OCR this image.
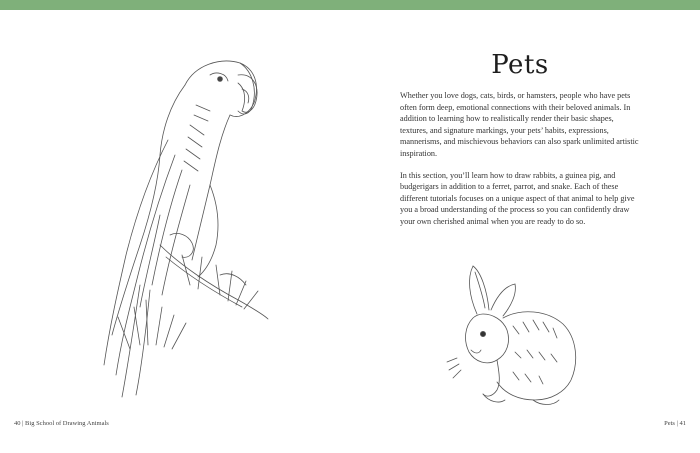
Pets

Whether you love dogs, cats, birds, or hamsters, people who have pets often form deep, emotional connections with their beloved animals. In addition to learning how to realistically render their basic shapes, textures, and signature markings, your pets’ habits, expressions, mannerisms, and mischievous behaviors can also spark unlimited artistic inspiration.

In this section, you’ll learn how to draw rabbits, a guinea pig, and budgerigars in addition to a ferret, parrot, and snake. Each of these different tutorials focuses on a unique aspect of that animal to help give you a broad understanding of the process so you can confidently draw your own cherished animal when you are ready to do so.

40 | Big School of Drawing Animals	Pets | 41
